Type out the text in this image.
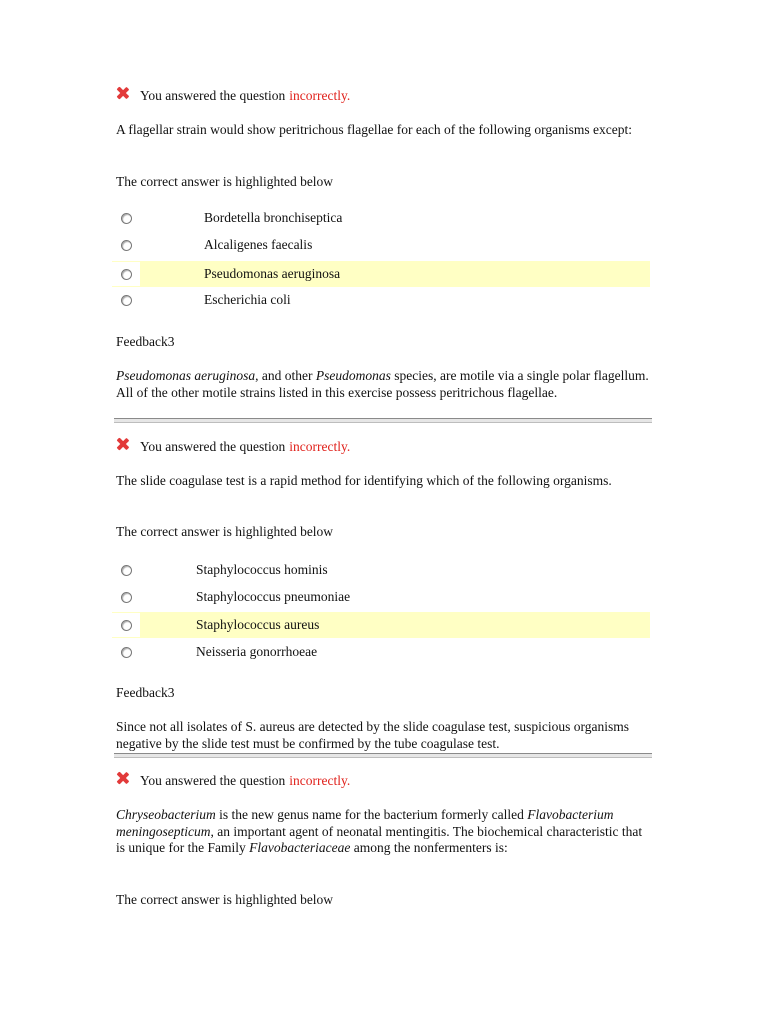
You answered the question incorrectly.
A flagellar strain would show peritrichous flagellae for each of the following organisms except:
The correct answer is highlighted below
Bordetella bronchiseptica
Alcaligenes faecalis
Pseudomonas aeruginosa
Escherichia coli
Feedback3
Pseudomonas aeruginosa, and other Pseudomonas species, are motile via a single polar flagellum. All of the other motile strains listed in this exercise possess peritrichous flagellae.
You answered the question incorrectly.
The slide coagulase test is a rapid method for identifying which of the following organisms.
The correct answer is highlighted below
Staphylococcus hominis
Staphylococcus pneumoniae
Staphylococcus aureus
Neisseria gonorrhoeae
Feedback3
Since not all isolates of S. aureus are detected by the slide coagulase test, suspicious organisms negative by the slide test must be confirmed by the tube coagulase test.
You answered the question incorrectly.
Chryseobacterium is the new genus name for the bacterium formerly called Flavobacterium meningosepticum, an important agent of neonatal mentingitis. The biochemical characteristic that is unique for the Family Flavobacteriaceae among the nonfermenters is:
The correct answer is highlighted below
